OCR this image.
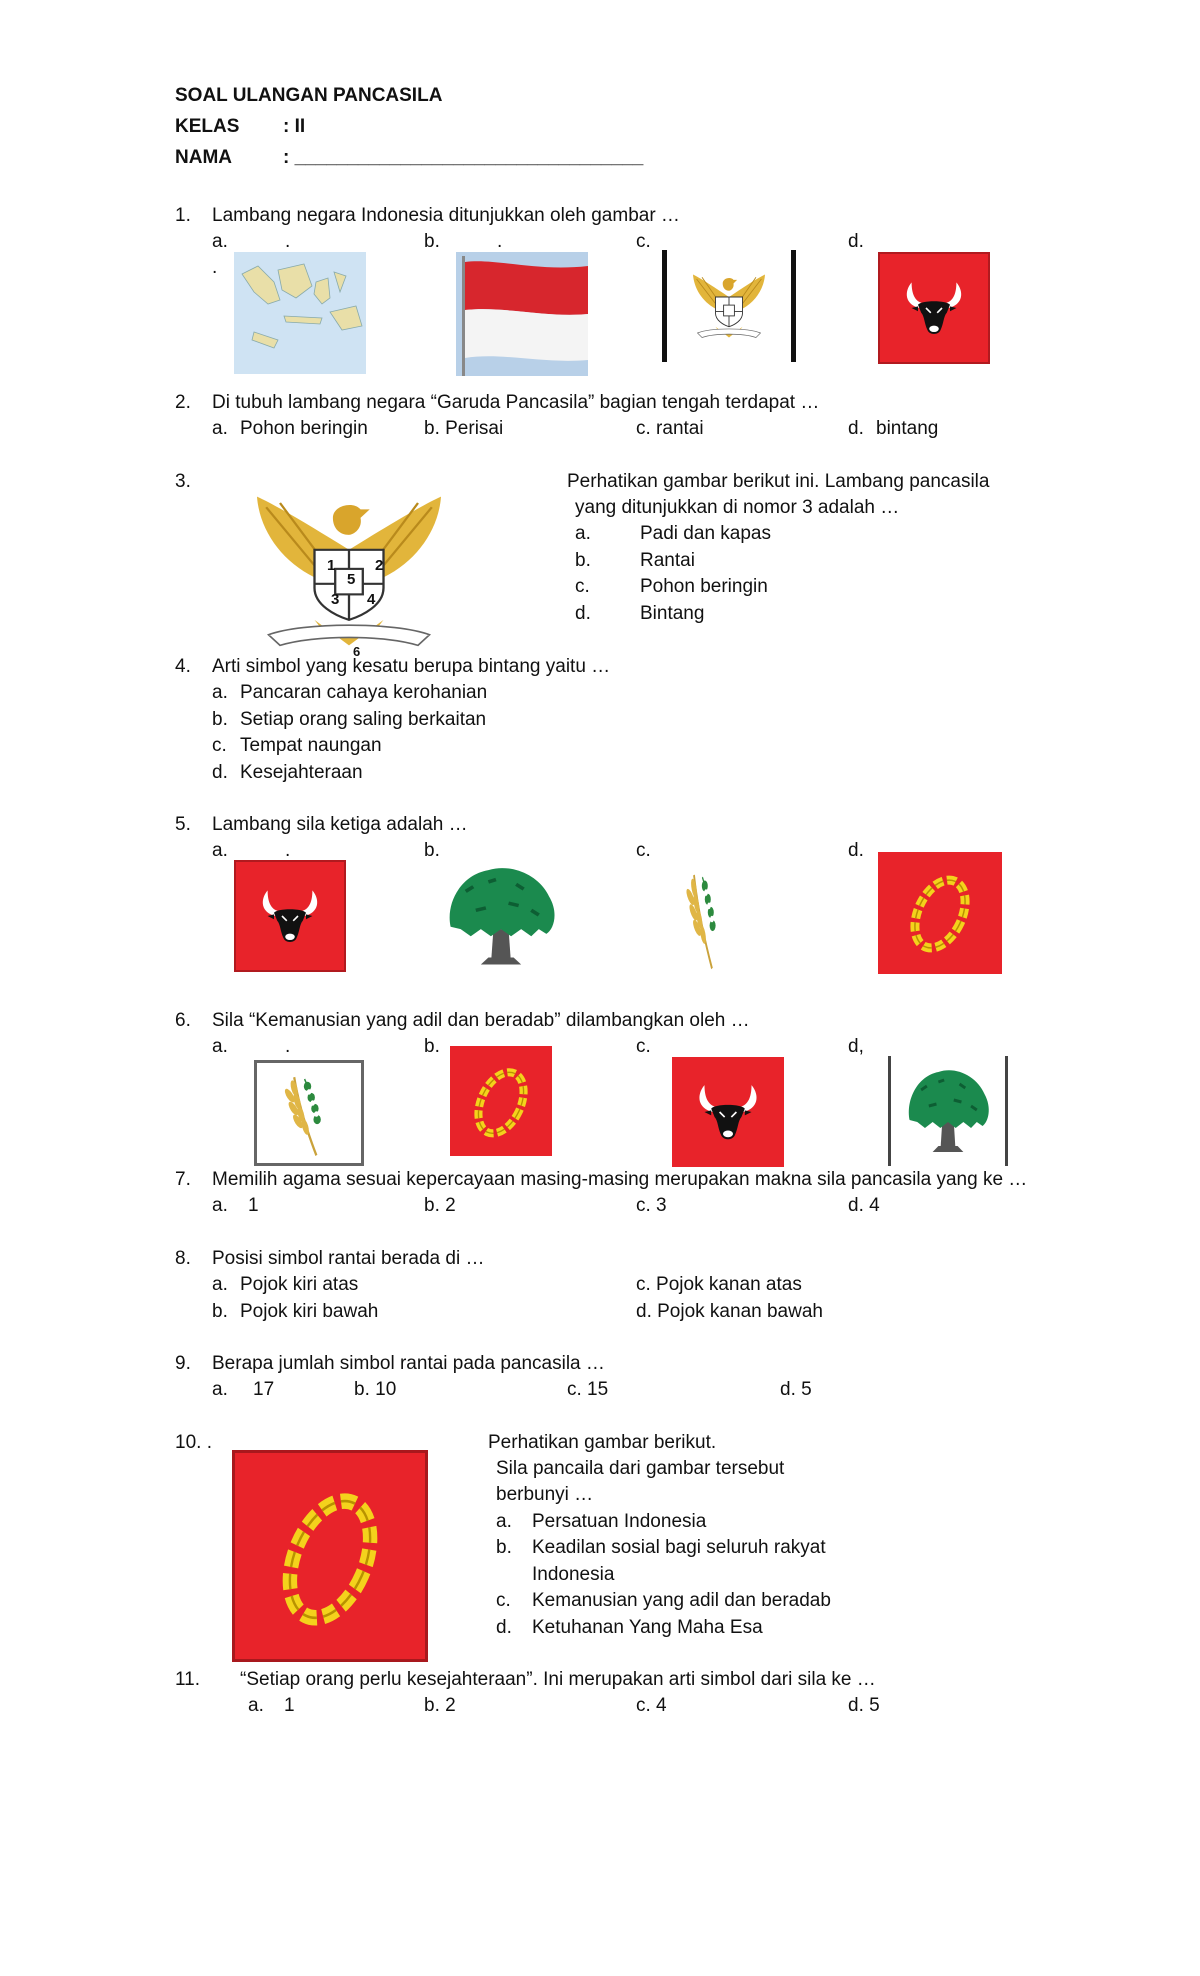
SOAL ULANGAN PANCASILA
KELAS : II
NAMA	: _________________________________
1. Lambang negara Indonesia ditunjukkan oleh gambar …
a.	.
.
b.	.	c.	d.
2. Di tubuh lambang negara “Garuda Pancasila” bagian tengah terdapat …
a. Pohon beringin	b. Perisai	c. rantai	d. bintang
3.
1	2
5
3 4
6
Perhatikan gambar berikut ini. Lambang pancasila
yang ditunjukkan di nomor 3 adalah …
a.	Padi dan kapas
b.	Rantai
c.	Pohon beringin
d.	Bintang
4. Arti simbol yang kesatu berupa bintang yaitu …
a. Pancaran cahaya kerohanian
b. Setiap orang saling berkaitan
c. Tempat naungan
d. Kesejahteraan
5. Lambang sila ketiga adalah …
a.	.	b.	c.	d.
6. Sila “Kemanusian yang adil dan beradab” dilambangkan oleh …
a.	.	b.	c.	d,
7. Memilih agama sesuai kepercayaan masing-masing merupakan makna sila pancasila yang ke …
a. 1	b. 2	c. 3	d. 4
8. Posisi simbol rantai berada di …
a. Pojok kiri atas	c. Pojok kanan atas
b. Pojok kiri bawah	d. Pojok kanan bawah
9. Berapa jumlah simbol rantai pada pancasila …
a. 17	b. 10	c. 15	d. 5
10. .	Perhatikan gambar berikut.
Sila pancaila dari gambar tersebut
berbunyi …
a. Persatuan Indonesia
b. Keadilan sosial bagi seluruh rakyat
Indonesia
c. Kemanusian yang adil dan beradab
d. Ketuhanan Yang Maha Esa
11. “Setiap orang perlu kesejahteraan”. Ini merupakan arti simbol dari sila ke …
a. 1	b. 2	c. 4	d. 5
